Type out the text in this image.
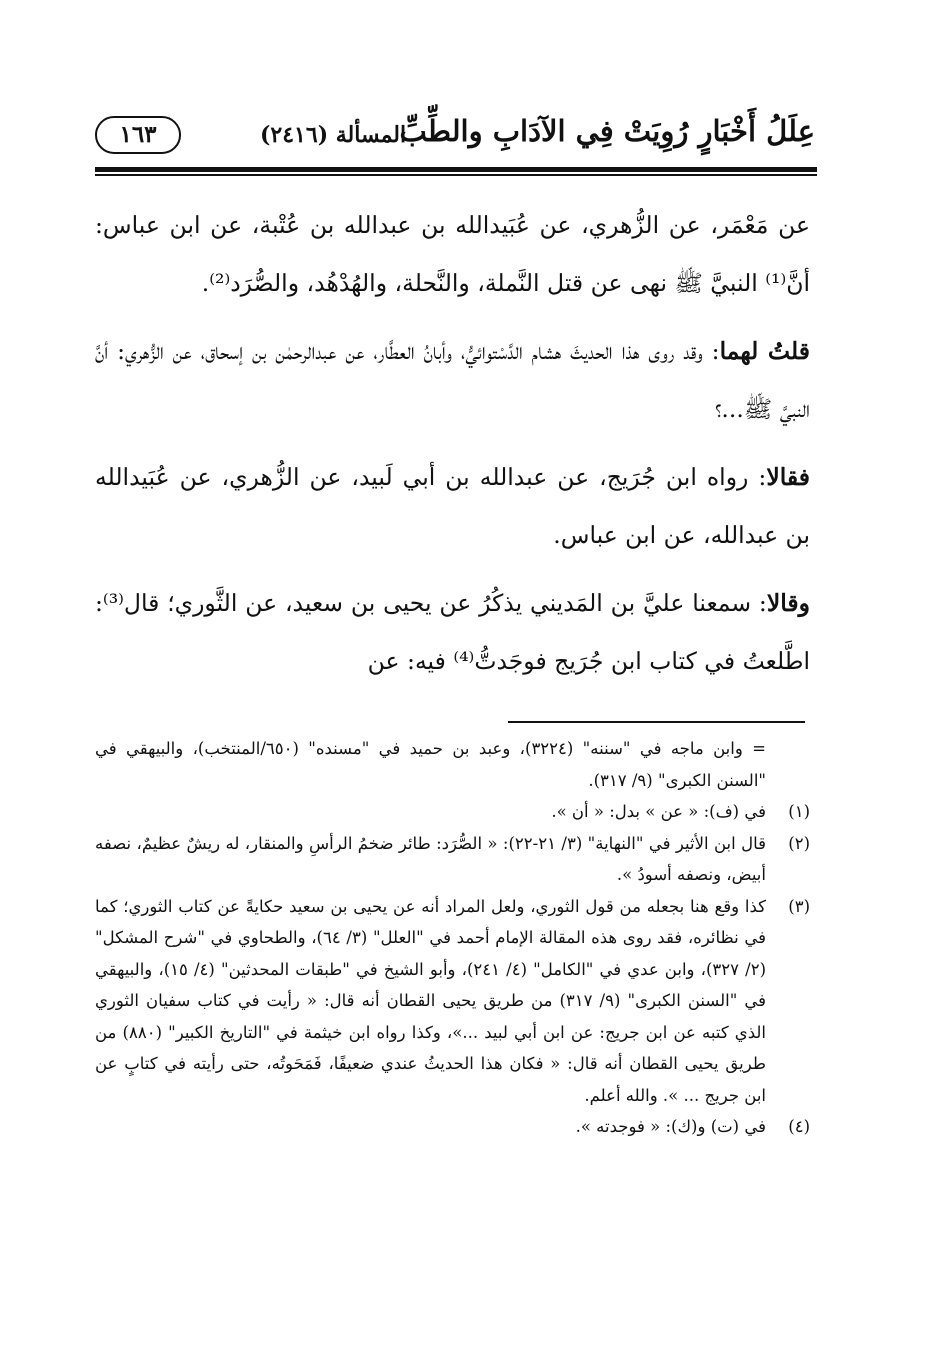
عِلَلُ أَخْبَارٍ رُوِيَتْ فِي الآدَابِ والطِّبِّ
المسألة (٢٤١٦)
١٦٣

عن مَعْمَر، عن الزُّهري، عن عُبَيدالله بن عبدالله بن عُتْبة، عن ابن عباس: أنَّ⁽¹⁾ النبيَّ ﷺ نهى عن قتل النَّملة، والنَّحلة، والهُدْهُد، والصُّرَد⁽²⁾.

قلتُ لهما: وقد روى هذا الحديثَ هشام الدَّسْتوائيُّ، وأبانُ العطَّار، عن عبدالرحمٰن بن إسحاق، عن الزُّهري: أنَّ النبيَّ ﷺ...؟

فقالا: رواه ابن جُرَيج، عن عبدالله بن أبي لَبيد، عن الزُّهري، عن عُبَيدالله بن عبدالله، عن ابن عباس.

وقالا: سمعنا عليَّ بن المَديني يذكُرُ عن يحيى بن سعيد، عن الثَّوري؛ قال⁽³⁾: اطَّلعتُ في كتاب ابن جُرَيج فوجَدتُّ⁽⁴⁾ فيه: عن

= وابن ماجه في "سننه" (٣٢٢٤)، وعبد بن حميد في "مسنده" (٦٥٠/المنتخب)، والبيهقي في "السنن الكبرى" (٩/ ٣١٧).
(١)
في (ف): « عن » بدل: « أن ».
(٢)
قال ابن الأثير في "النهاية" (٣/ ٢١-٢٢): « الصُّرَد: طائر ضخمُ الرأسِ والمنقار، له ريشٌ عظيمٌ، نصفه أبيض، ونصفه أسودُ ».
(٣)
كذا وقع هنا بجعله من قول الثوري، ولعل المراد أنه عن يحيى بن سعيد حكايةً عن كتاب الثوري؛ كما في نظائره، فقد روى هذه المقالة الإمام أحمد في "العلل" (٣/ ٦٤)، والطحاوي في "شرح المشكل" (٢/ ٣٢٧)، وابن عدي في "الكامل" (٤/ ٢٤١)، وأبو الشيخ في "طبقات المحدثين" (٤/ ١٥)، والبيهقي في "السنن الكبرى" (٩/ ٣١٧) من طريق يحيى القطان أنه قال: « رأيت في كتاب سفيان الثوري الذي كتبه عن ابن جريج: عن ابن أبي لبيد ...»، وكذا رواه ابن خيثمة في "التاريخ الكبير" (٨٨٠) من طريق يحيى القطان أنه قال: « فكان هذا الحديثُ عندي ضعيفًا، فَمَحَوتُه، حتى رأيته في كتابٍ عن ابن جريج ... ». والله أعلم.
(٤)
في (ت) و(ك): « فوجدته ».
